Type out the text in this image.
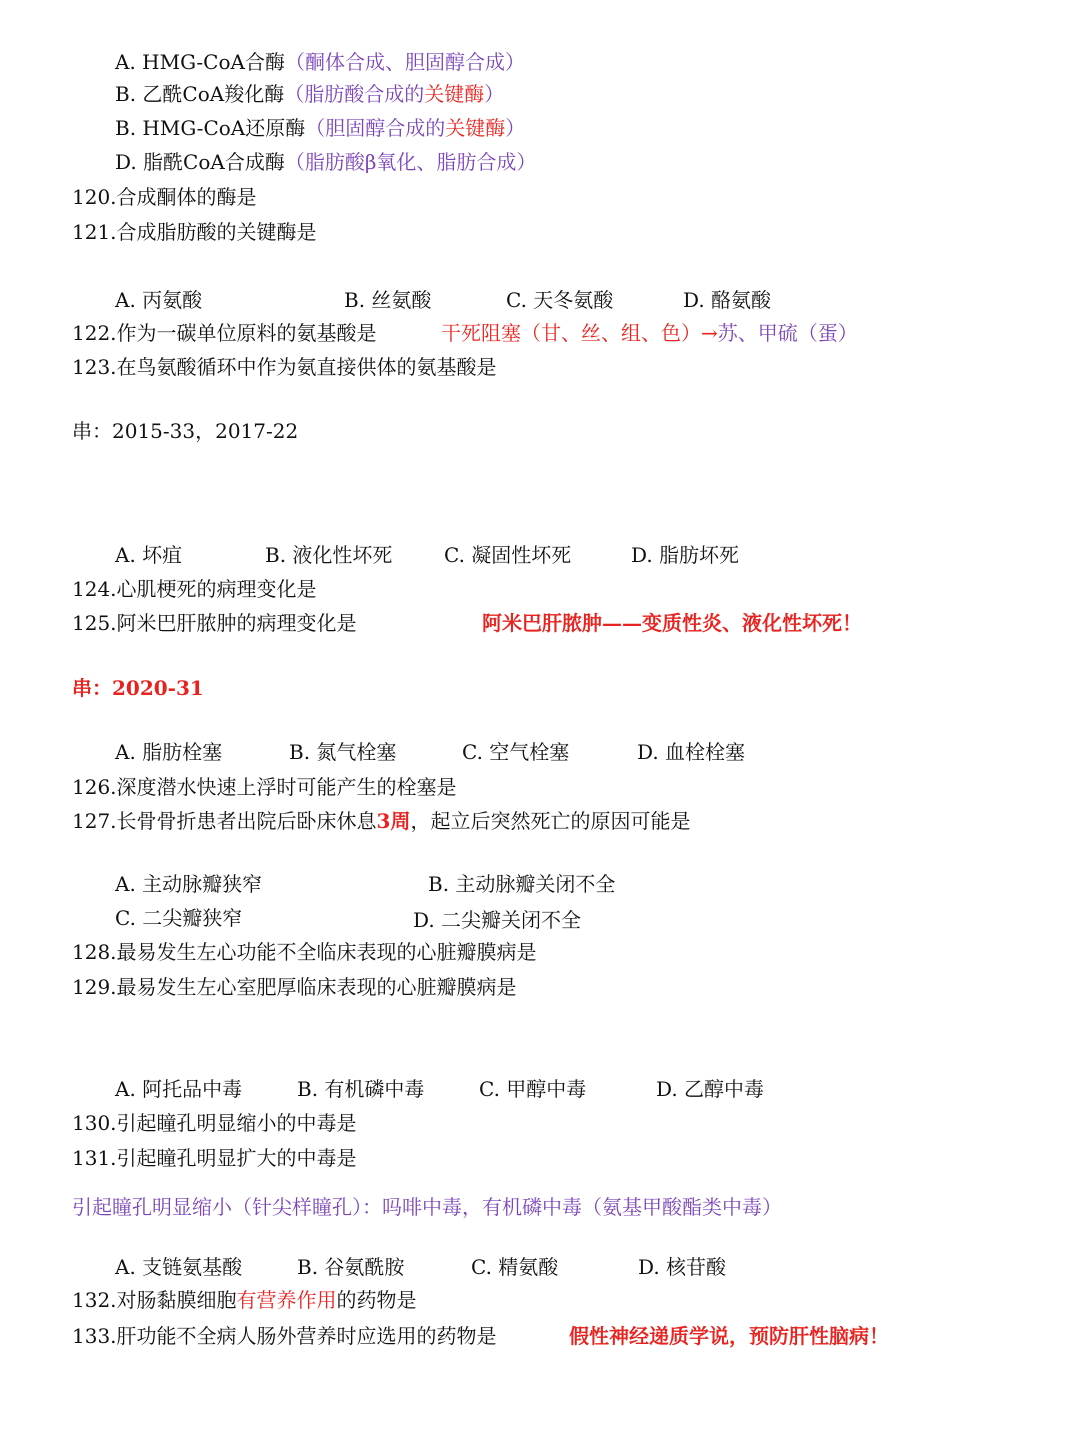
A. HMG-CoA合酶（酮体合成、胆固醇合成）
B. 乙酰CoA羧化酶（脂肪酸合成的关键酶）
B. HMG-CoA还原酶（胆固醇合成的关键酶）
D. 脂酰CoA合成酶（脂肪酸β氧化、脂肪合成）
120.合成酮体的酶是
121.合成脂肪酸的关键酶是
A. 丙氨酸	B. 丝氨酸	C. 天冬氨酸	D. 酪氨酸
122.作为一碳单位原料的氨基酸是	干死阻塞（甘、丝、组、色）→苏、甲硫（蛋）
123.在鸟氨酸循环中作为氨直接供体的氨基酸是
串：2015-33，2017-22
A. 坏疽	B. 液化性坏死	C. 凝固性坏死	D. 脂肪坏死
124.心肌梗死的病理变化是
125.阿米巴肝脓肿的病理变化是	阿米巴肝脓肿——变质性炎、液化性坏死！
串：2020-31
A. 脂肪栓塞	B. 氮气栓塞	C. 空气栓塞	D. 血栓栓塞
126.深度潜水快速上浮时可能产生的栓塞是
127.长骨骨折患者出院后卧床休息3周，起立后突然死亡的原因可能是
A. 主动脉瓣狭窄	B. 主动脉瓣关闭不全
C. 二尖瓣狭窄	D. 二尖瓣关闭不全
128.最易发生左心功能不全临床表现的心脏瓣膜病是
129.最易发生左心室肥厚临床表现的心脏瓣膜病是
A. 阿托品中毒	B. 有机磷中毒	C. 甲醇中毒	D. 乙醇中毒
130.引起瞳孔明显缩小的中毒是
131.引起瞳孔明显扩大的中毒是
引起瞳孔明显缩小（针尖样瞳孔）：吗啡中毒，有机磷中毒（氨基甲酸酯类中毒）
A. 支链氨基酸	B. 谷氨酰胺	C. 精氨酸	D. 核苷酸
132.对肠黏膜细胞有营养作用的药物是
133.肝功能不全病人肠外营养时应选用的药物是	假性神经递质学说，预防肝性脑病！
